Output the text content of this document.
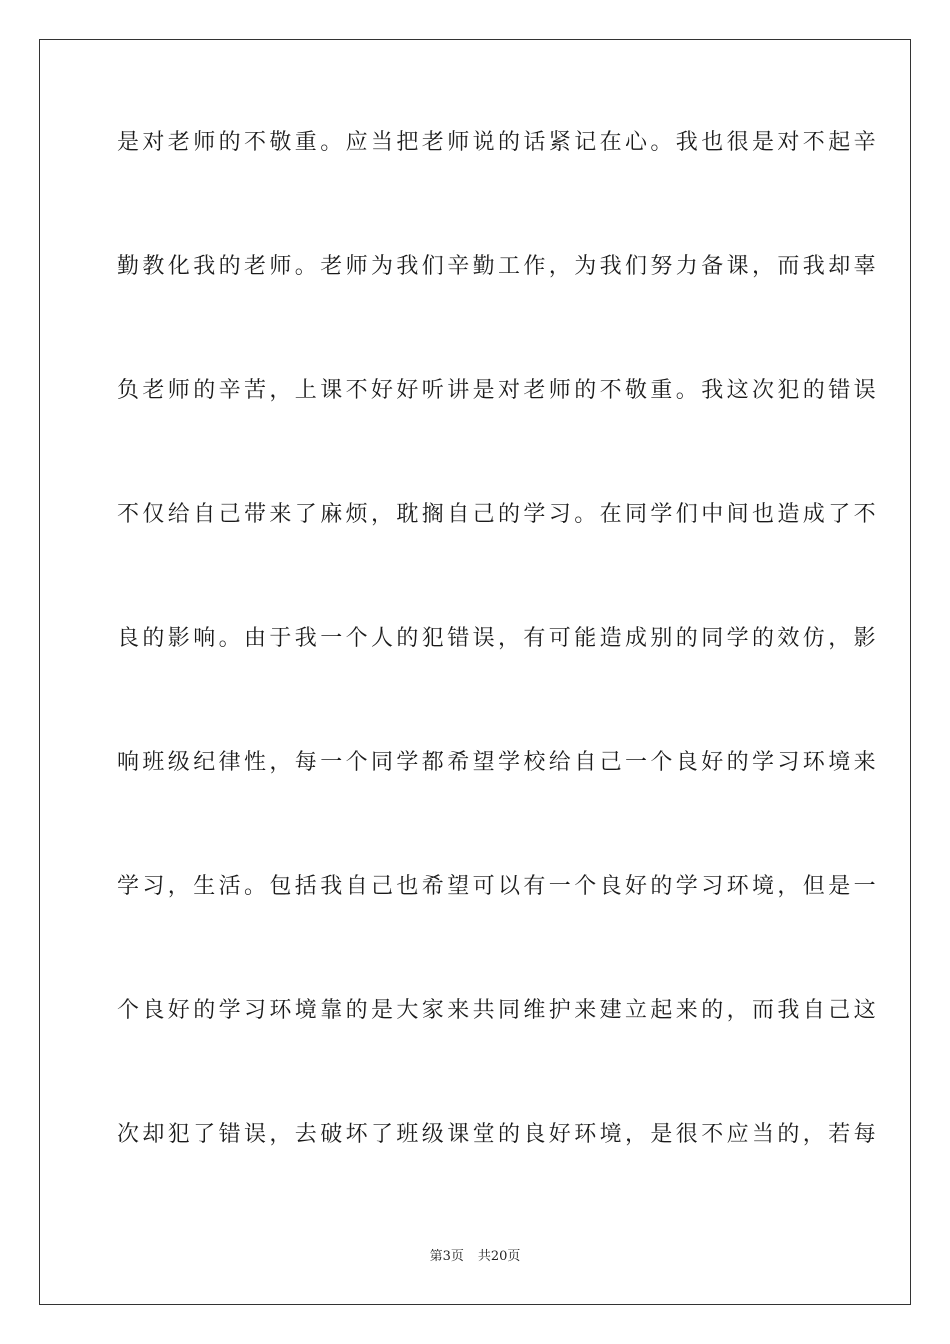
是对老师的不敬重。应当把老师说的话紧记在心。我也很是对不起辛
勤教化我的老师。老师为我们辛勤工作，为我们努力备课，而我却辜
负老师的辛苦，上课不好好听讲是对老师的不敬重。我这次犯的错误
不仅给自己带来了麻烦，耽搁自己的学习。在同学们中间也造成了不
良的影响。由于我一个人的犯错误，有可能造成别的同学的效仿，影
响班级纪律性，每一个同学都希望学校给自己一个良好的学习环境来
学习，生活。包括我自己也希望可以有一个良好的学习环境，但是一
个良好的学习环境靠的是大家来共同维护来建立起来的，而我自己这
次却犯了错误，去破坏了班级课堂的良好环境，是很不应当的，若每
第3页 共20页
